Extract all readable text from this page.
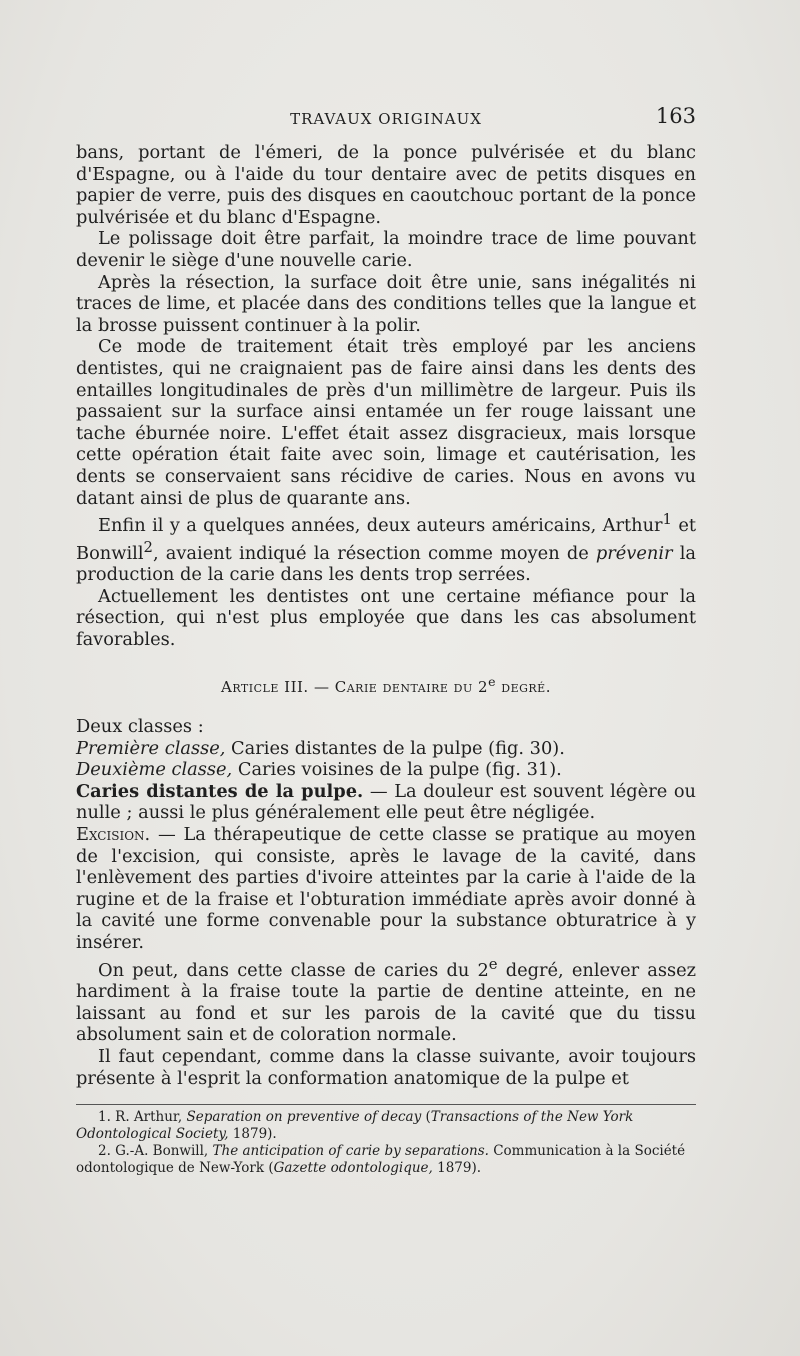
TRAVAUX ORIGINAUX	163

bans, portant de l'émeri, de la ponce pulvérisée et du blanc d'Espagne, ou à l'aide du tour dentaire avec de petits disques en papier de verre, puis des disques en caoutchouc portant de la ponce pulvérisée et du blanc d'Espagne.

Le polissage doit être parfait, la moindre trace de lime pouvant devenir le siège d'une nouvelle carie.

Après la résection, la surface doit être unie, sans inégalités ni traces de lime, et placée dans des conditions telles que la langue et la brosse puissent continuer à la polir.

Ce mode de traitement était très employé par les anciens dentistes, qui ne craignaient pas de faire ainsi dans les dents des entailles longitudinales de près d'un millimètre de largeur. Puis ils passaient sur la surface ainsi entamée un fer rouge laissant une tache éburnée noire. L'effet était assez disgracieux, mais lorsque cette opération était faite avec soin, limage et cautérisation, les dents se conservaient sans récidive de caries. Nous en avons vu datant ainsi de plus de quarante ans.

Enfin il y a quelques années, deux auteurs américains, Arthur$^1$ et Bonwill$^2$, avaient indiqué la résection comme moyen de prévenir la production de la carie dans les dents trop serrées.

Actuellement les dentistes ont une certaine méfiance pour la résection, qui n'est plus employée que dans les cas absolument favorables.

Article III. — Carie dentaire du 2e degré.

Deux classes :

Première classe, Caries distantes de la pulpe (fig. 30).

Deuxième classe, Caries voisines de la pulpe (fig. 31).

Caries distantes de la pulpe. — La douleur est souvent légère ou nulle ; aussi le plus généralement elle peut être négligée.

Excision. — La thérapeutique de cette classe se pratique au moyen de l'excision, qui consiste, après le lavage de la cavité, dans l'enlèvement des parties d'ivoire atteintes par la carie à l'aide de la rugine et de la fraise et l'obturation immédiate après avoir donné à la cavité une forme convenable pour la substance obturatrice à y insérer.

On peut, dans cette classe de caries du 2e degré, enlever assez hardiment à la fraise toute la partie de dentine atteinte, en ne laissant au fond et sur les parois de la cavité que du tissu absolument sain et de coloration normale.

Il faut cependant, comme dans la classe suivante, avoir toujours présente à l'esprit la conformation anatomique de la pulpe et

1. R. Arthur, Separation on preventive of decay (Transactions of the New York Odontological Society, 1879).

2. G.-A. Bonwill, The anticipation of carie by separations. Communication à la Société odontologique de New-York (Gazette odontologique, 1879).
